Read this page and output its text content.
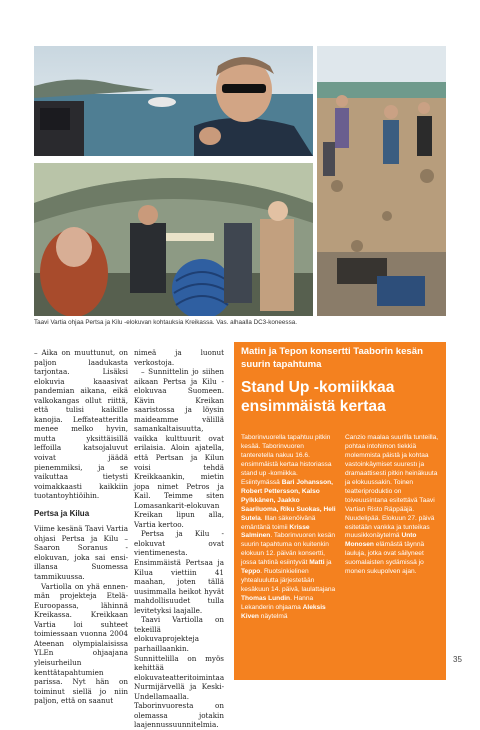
Taavi Vartia ohjaa Pertsa ja Kilu -elokuvan kohtauksia Kreikassa. Vas. alhaalla DC3-koneessa.

– Aika on muuttunut, on paljon laadukasta tarjontaa. Lisäksi elokuvia kaaasivat pandemian aikana, eikä valkokangas ollut riittä, että tulisi kaikille kanojia. Leffateatteritla menee melko hyvin, mutta yksittäisillä leffoilla katsojaluvut voivat jäädä pienemmiksi, ja se vaikuttaa tietysti voimakkaasti kaikkiin tuotantoyhtiöihin.

Pertsa ja Kilua

Viime kesänä Taavi Vartia ohjasi Pertsa ja Kilu – Saaron Soranus -elokuvan, joka sai ensi-illansa Suomessa tammikuussa.

Vartiolla on yhä ennenmän projekteja Etelä-Euroopassa, lähinnä Kreikassa. Kreikkaan Vartia loi suhteet toimiessaan vuonna 2004 Ateenan olympialaisissa YLEn ohjaajana yleisurheilun kenttätapahtumien parissa. Nyt hän on toiminut siellä jo niin paljon, että on saanut

nimeä ja luonut verkostoja.

– Sunnittelin jo siihen aikaan Pertsa ja Kilu -elokuvaa Suomeen. Kävin Kreikan saaristossa ja löysin maideamme välillä samankaltaisuutta, vaikka kulttuurit ovat erilaisia. Aloin ajatella, että Pertsan ja Kilun voisi tehdä Kreikkaankin, mietin jopa nimet Petros ja Kail. Teimme siten Lomasankarit-elokuvan Kreikan lipun alla, Vartia kertoo.

Pertsa ja Kilu -elokuvat ovat vientimenesta. Ensimmäistä Pertsaa ja Kilua viettiin 41 maahan, joten tällä uusimmalla heikot hyvät mahdollisuudet tulla levitetyksi laajalle.

Taavi Vartiolla on tekeillä elokuvaprojekteja parhaillaankin. Sunnittelilla on myös kehittää elokuvateatteritoimintaa Nurmijärvellä ja Keski-Undellamaalla. Taborinvuoresta on olemassa jotakin laajennussuunnitelmia.

Matin ja Tepon konsertti Taaborin kesän suurin tapahtuma
Stand Up -komiikkaa ensimmäistä kertaa

Taborinvuorella tapahtuu pitkin kesää. Taborinvuoren tanteretella nakuu 16.6. ensimmäistä kertaa historiassa stand up -komiikka. Esiintymässä Bari Johansson, Robert Pettersson, Kalso Pylkkänen, Jaakko Saariluoma, Riku Suokas, Heli Sutela. Illan säkenöivänä emäntänä toimii Krisse Salminen. Taborinvuoren kesän suurin tapahtuma on kuitenkin elokuun 12. päivän konsertti, jossa tahtinä esiintyvät Matti ja Teppo. Ruotsinkielinen yhtealuulutta järjestetään kesäkuun 14. päivä, laulattajana Thomas Lundin. Hanna Lekanderin ohjaama Aleksis Kiven näytelmä

Canzio maalaa suurilla tunteilla, pohtaa intohimon tiekkiä molemmista päistä ja kohtaa vastoinkäymiset suurestı ja dramaattisesti pitkin heinäkuuta ja elokuussakin. Toinen teatteriproduktio on toiveuusintana esitettävä Taavi Vartian Risto Räppääjä. Nuudelipää. Elokuun 27. päivä esitetään vankka ja tunteikas muusikkonäytelmä Unto Monosen elämästä täynnä lauluja, jotka ovat säilyneet suomalaisten sydämissä jo monen sukupolven ajan.

35
